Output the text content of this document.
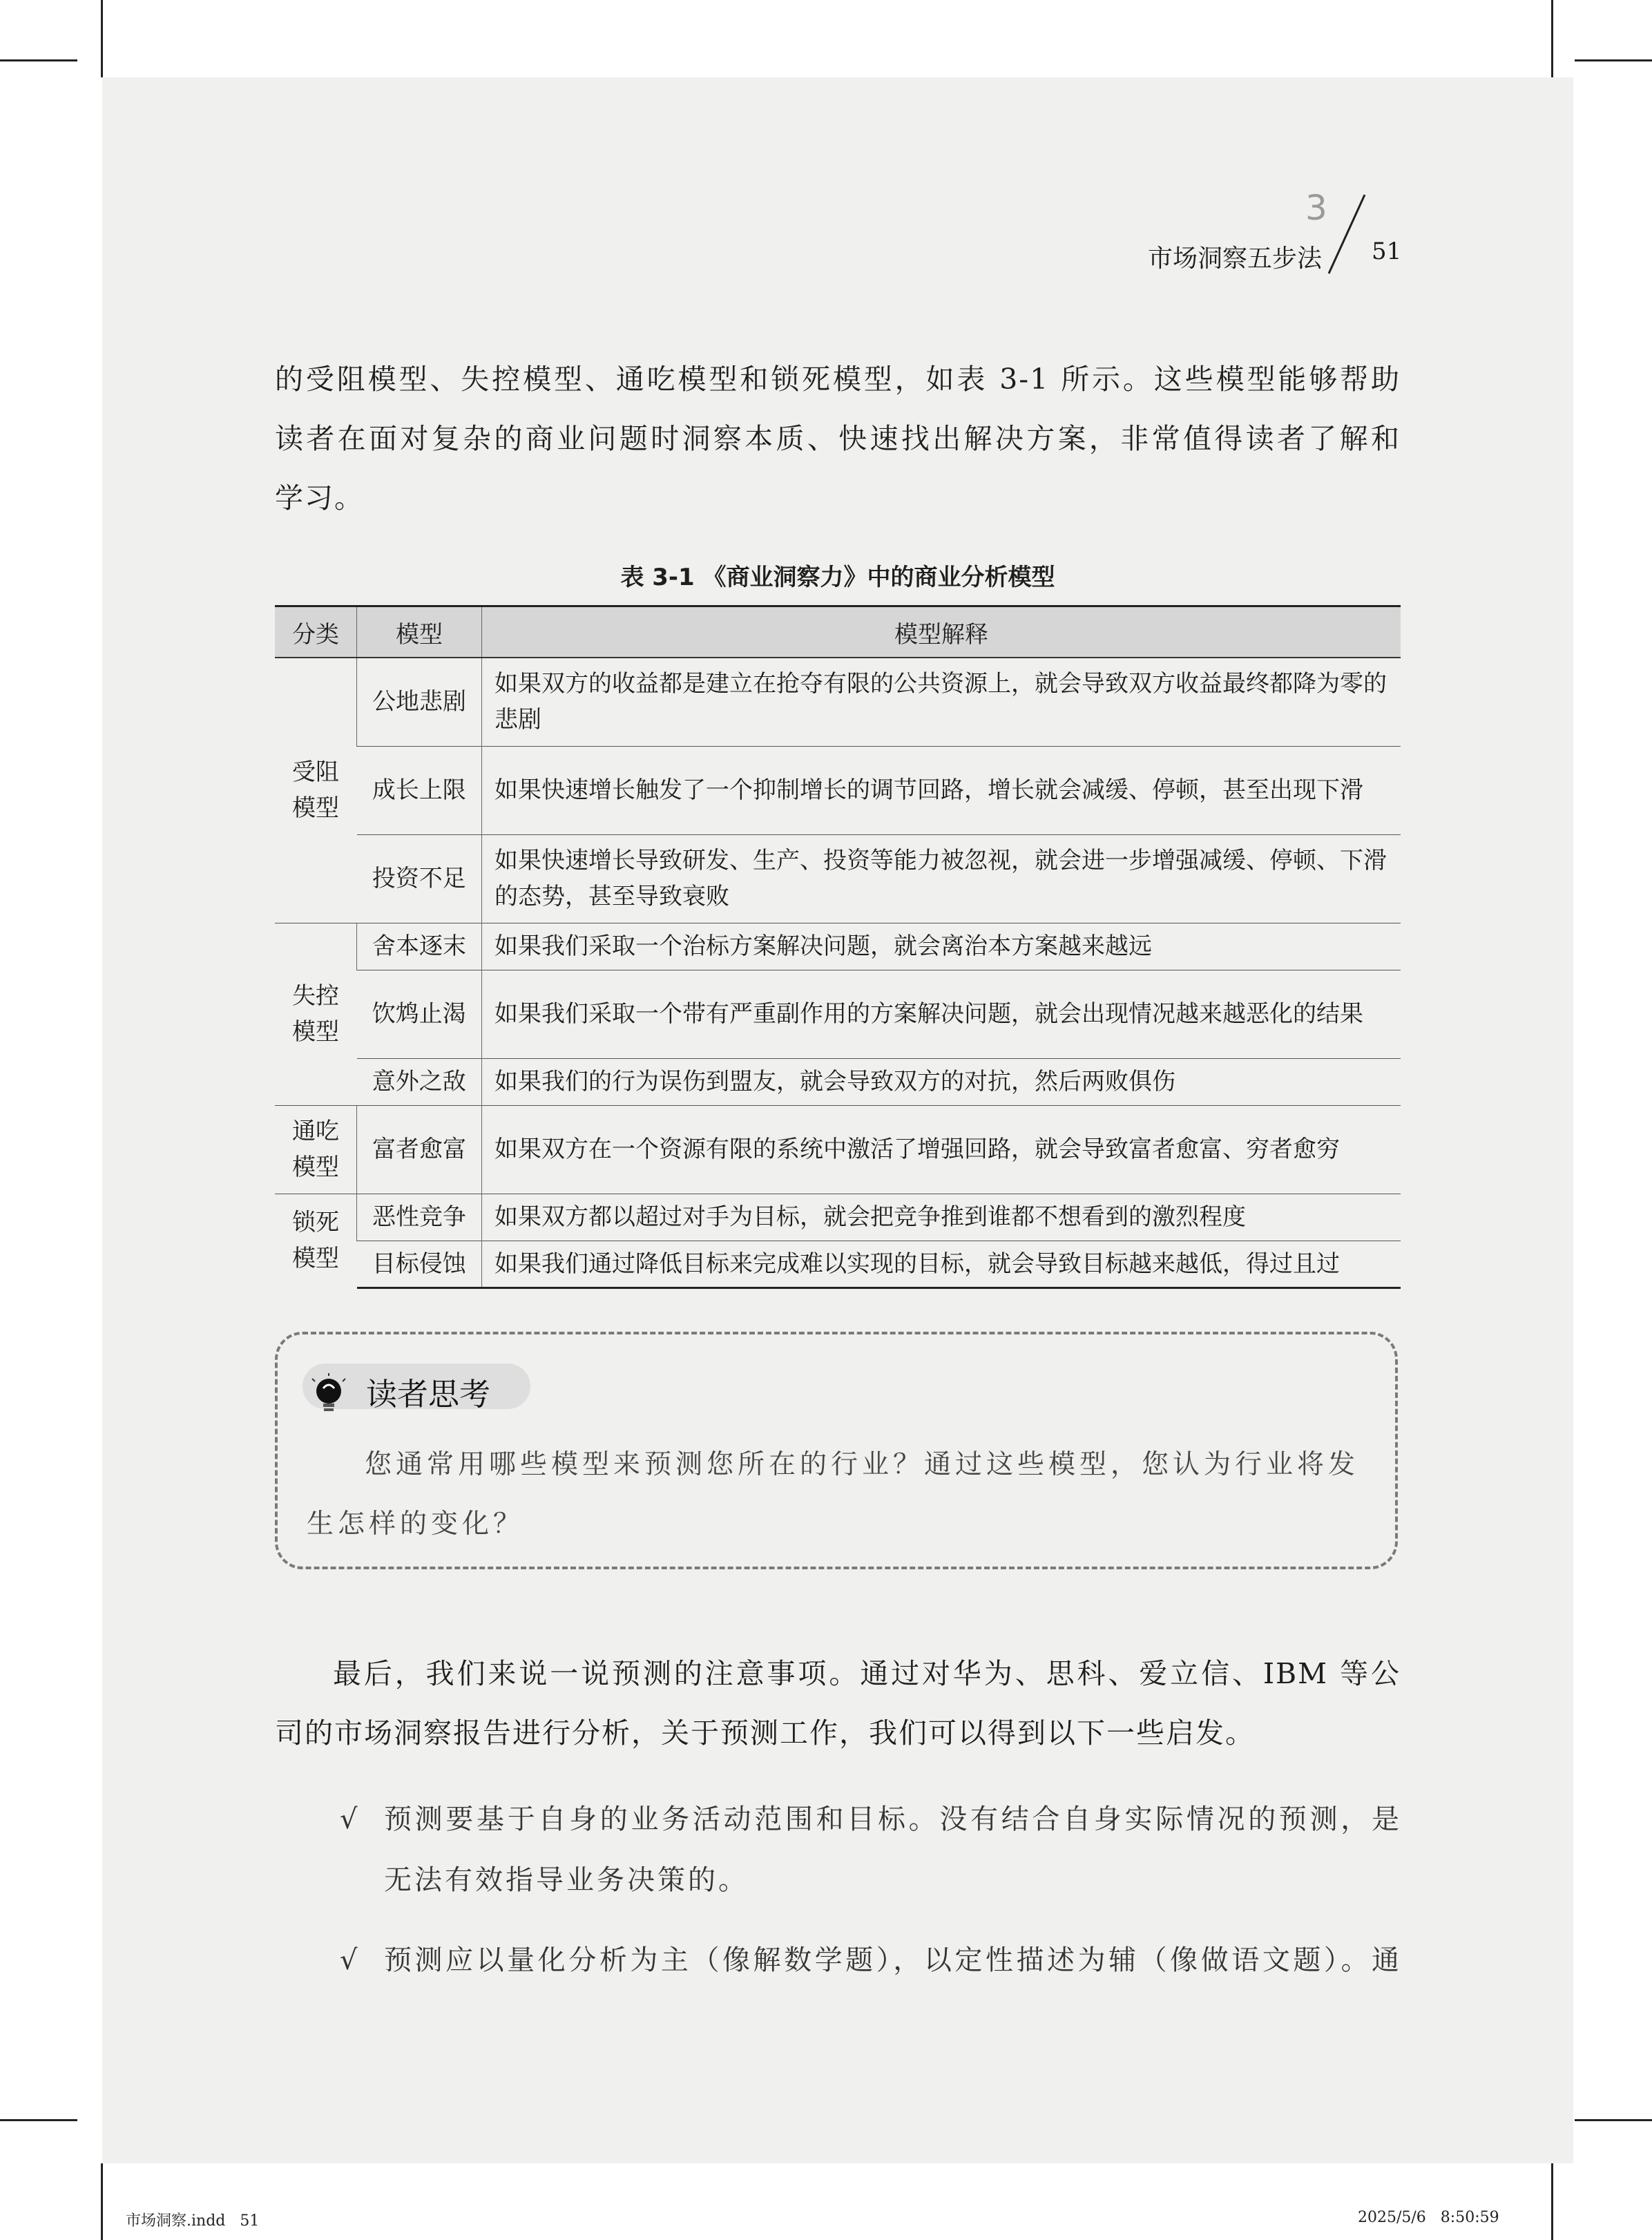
3
市场洞察五步法 51
的受阻模型、失控模型、通吃模型和锁死模型，如表 3-1 所示。这些模型能够帮助
读者在面对复杂的商业问题时洞察本质、快速找出解决方案，非常值得读者了解和
学习。
表 3-1 《商业洞察力》中的商业分析模型
分类	模型	模型解释
受阻
模型	公地悲剧	如果双方的收益都是建立在抢夺有限的公共资源上，就会导致双方收益最终都降为零的悲剧
	成长上限	如果快速增长触发了一个抑制增长的调节回路，增长就会减缓、停顿，甚至出现下滑
	投资不足	如果快速增长导致研发、生产、投资等能力被忽视，就会进一步增强减缓、停顿、下滑的态势，甚至导致衰败
失控
模型	舍本逐末	如果我们采取一个治标方案解决问题，就会离治本方案越来越远
	饮鸩止渴	如果我们采取一个带有严重副作用的方案解决问题，就会出现情况越来越恶化的结果
	意外之敌	如果我们的行为误伤到盟友，就会导致双方的对抗，然后两败俱伤
通吃
模型	富者愈富	如果双方在一个资源有限的系统中激活了增强回路，就会导致富者愈富、穷者愈穷
锁死
模型	恶性竞争	如果双方都以超过对手为目标，就会把竞争推到谁都不想看到的激烈程度
	目标侵蚀	如果我们通过降低目标来完成难以实现的目标，就会导致目标越来越低，得过且过
读者思考
您通常用哪些模型来预测您所在的行业？通过这些模型，您认为行业将发生怎样的变化？
最后，我们来说一说预测的注意事项。通过对华为、思科、爱立信、IBM 等公
司的市场洞察报告进行分析，关于预测工作，我们可以得到以下一些启发。
√ 预测要基于自身的业务活动范围和目标。没有结合自身实际情况的预测，是
无法有效指导业务决策的。
√ 预测应以量化分析为主（像解数学题），以定性描述为辅（像做语文题）。通
市场洞察.indd   51	2025/5/6   8:50:59
